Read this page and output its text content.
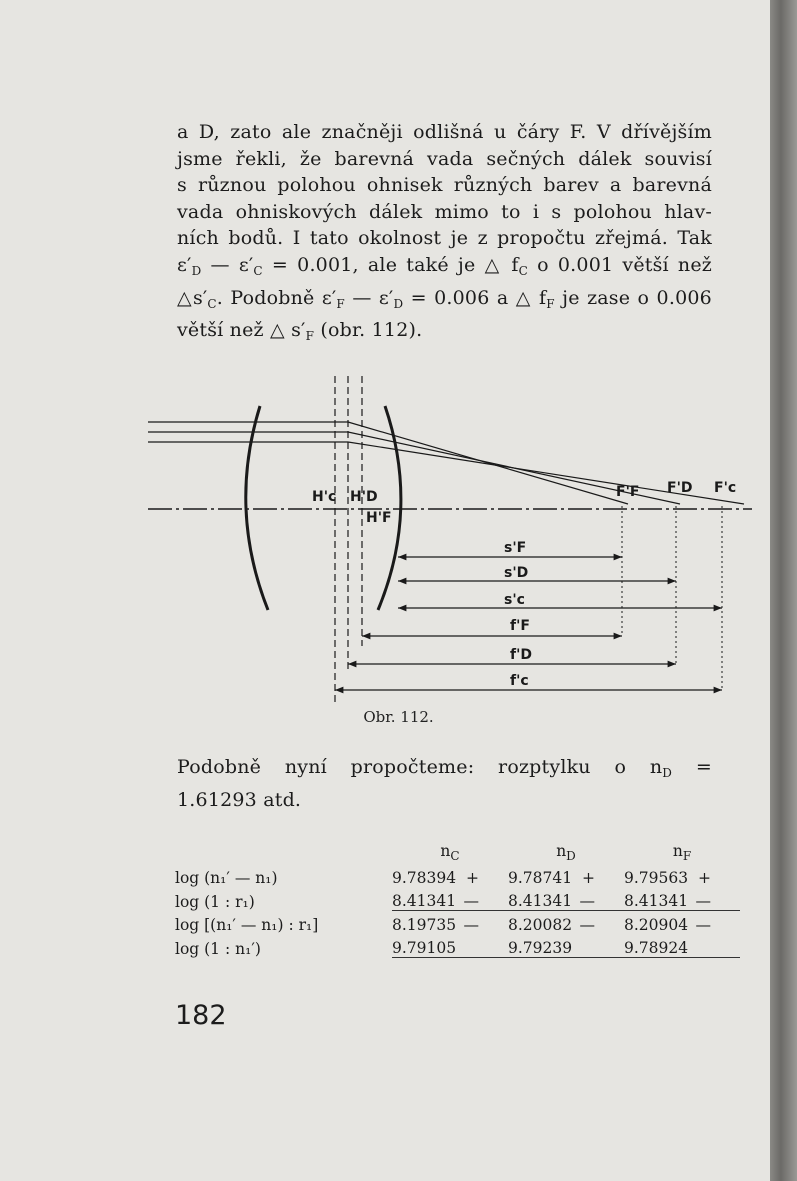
a D, zato ale značněji odlišná u čáry F. V dřívějším
jsme řekli, že barevná vada sečných dálek souvisí
s různou polohou ohnisek různých barev a barevná
vada ohniskových dálek mimo to i s polohou hlav-
ních bodů. I tato okolnost je z propočtu zřejmá. Tak
$\varepsilon'_D$ — $\varepsilon'_C = 0.001$, ale také je △ $f_C$ o 0.001 větší než
$\triangle s'_C$. Podobně $\varepsilon'_F$ — $\varepsilon'_D = 0.006$ a △ $f_F$ je zase o 0.006
větší než △ $s'_F$ (obr. 112).
H'c H'D
H'F
F'F F'D F'c
s'F
s'D
s'c
f'F
f'D
f'c
Obr. 112.
Podobně nyní propočteme: rozptylku o $n_D$ =
1.61293 atd.
	$n_C$	$n_D$	$n_F$
log (n₁′ — n₁)	9.78394 +	9.78741 +	9.79563 +
log (1 : r₁)	8.41341 —	8.41341 —	8.41341 —
log [(n₁′ — n₁) : r₁]	8.19735 —	8.20082 —	8.20904 —
log (1 : n₁′)	9.79105	9.79239	9.78924
182
